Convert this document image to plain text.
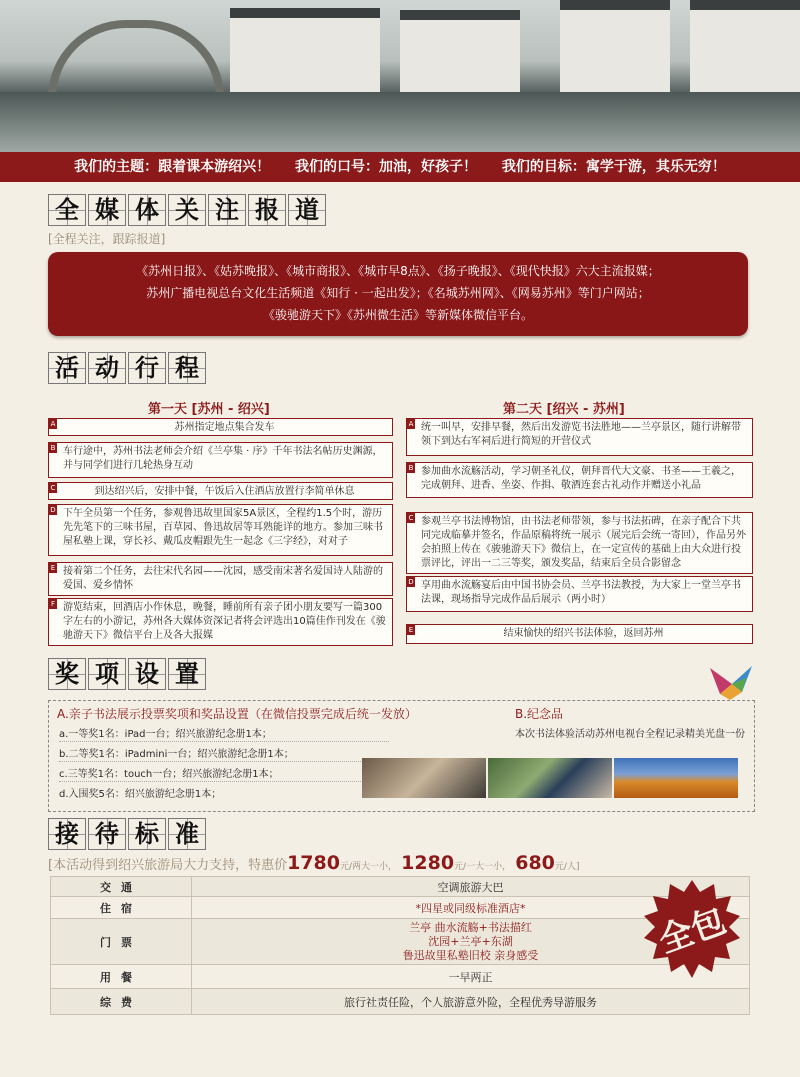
我们的主题：跟着课本游绍兴！ 我们的口号：加油，好孩子！ 我们的目标：寓学于游，其乐无穷！
全 媒 体 关 注 报 道
[全程关注，跟踪报道]
《苏州日报》、《姑苏晚报》、《城市商报》、《城市早8点》、《扬子晚报》、《现代快报》六大主流报媒；
苏州广播电视总台文化生活频道《知行 · 一起出发》；《名城苏州网》、《网易苏州》等门户网站；
《骏驰游天下》《苏州微生活》等新媒体微信平台。
活 动 行 程
第一天 [苏州 - 绍兴]	第二天 [绍兴 - 苏州]
A	苏州指定地点集合发车
B 车行途中，苏州书法老师会介绍《兰亭集 · 序》千年书法名帖历史渊源，并与同学们进行几轮热身互动
C	到达绍兴后，安排中餐，午饭后入住酒店放置行李简单休息
D 下午全员第一个任务，参观鲁迅故里国家5A景区，全程约1.5个时，游历先先笔下的三味书屋，百草园、鲁迅故居等耳熟能详的地方。参加三味书屋私塾上课，穿长衫、戴瓜皮帽跟先生一起念《三字经》，对对子
E 接着第二个任务，去往宋代名园——沈园，感受南宋著名爱国诗人陆游的爱国、爱乡情怀
F 游览结束，回酒店小作休息，晚餐，睡前所有亲子团小朋友要写一篇300字左右的小游记，苏州各大媒体资深记者将会评选出10篇佳作刊发在《骏驰游天下》微信平台上及各大报媒
A 统一叫早，安排早餐，然后出发游览书法胜地——兰亭景区，随行讲解带领下到达右军祠后进行简短的开营仪式
B 参加曲水流觞活动，学习朝圣礼仪，朝拜晋代大文豪、书圣——王羲之，完成朝拜、进香、坐姿、作揖、敬酒连套古礼动作并赠送小礼品
C 参观兰亭书法博物馆，由书法老师带领，参与书法拓碑，在亲子配合下共同完成临摹并签名，作品原稿将统一展示（展完后会统一寄回），作品另外会拍照上传在《骏驰游天下》微信上，在一定宣传的基础上由大众进行投票评比，评出一二三等奖，颁发奖品，结束后全员合影留念
D 享用曲水流觞宴后由中国书协会员、兰亭书法教授，为大家上一堂兰亭书法课，现场指导完成作品后展示（两小时）
E	结束愉快的绍兴书法体验，返回苏州
奖 项 设 置
A.亲子书法展示投票奖项和奖品设置（在微信投票完成后统一发放）	B.纪念品
本次书法体验活动苏州电视台全程记录精美光盘一份
a.一等奖1名：iPad一台；绍兴旅游纪念册1本；
b.二等奖1名：iPadmini一台；绍兴旅游纪念册1本；
c.三等奖1名：touch一台；绍兴旅游纪念册1本；
d.入围奖5名：绍兴旅游纪念册1本；
接 待 标 准
[本活动得到绍兴旅游局大力支持，特惠价1780元/两大一小， 1280元/一大一小， 680元/人]
交通	空调旅游大巴
住宿	*四星或同级标准酒店*
门票	兰亭 曲水流觞+书法描红
沈园+兰亭+东湖
鲁迅故里私塾旧校 亲身感受

用餐	一早两正
综费	旅行社责任险，个人旅游意外险，全程优秀导游服务
全包
